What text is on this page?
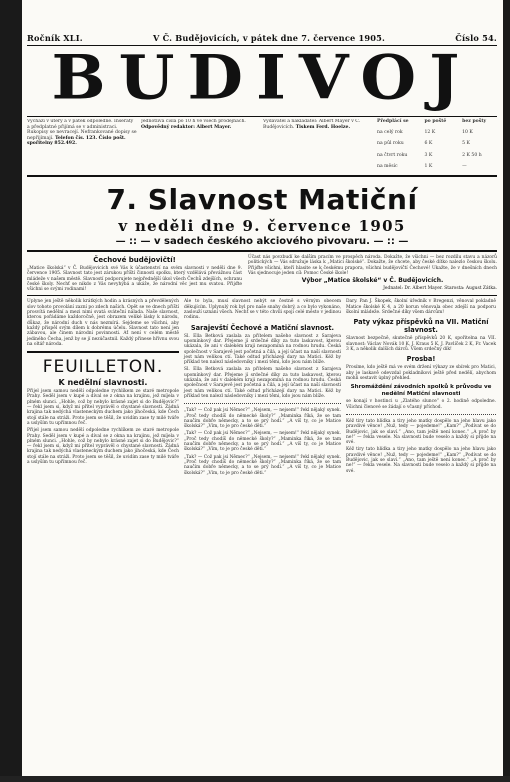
Ročník XLI.	V Č. Budějovicích, v pátek dne 7. července 1905.	Číslo 54.
BUDIVOJ
Vychází v úterý a v pátek odpoledne. Inseráty a předplatné přijímá se v administraci. Rukopisy se nevracejí. Nefrankované dopisy se nepřijímají. Telefon čís. 123. Číslo pošt. spořitelny 852.492.
Jednotlivá čísla po 10 h ve všech prodejnách. Odpovědný redaktor: Albert Mayer.
Vydavatel a nakladatel: Albert Mayer v Č. Budějovicích. Tiskem Ferd. Hoelze.
Předplácí se	po poště	bez pošty
na celý rok	12 K	10 K
na půl roku	6 K	5 K
na čtvrt roku	3 K	2 K 50 h
na měsíc	1 K	—
7. Slavnost Matiční
v neděli dne 9. července 1905
— :: — v sadech českého akciového pivovaru. — :: —
Čechové budějovičtí!
„Matice školská“ v Č. Budějovicích své Vás k účastenství na svém slavnosti v neděli dne 9. července 1905. Slavnost tato jest zárukou příští činnosti spolku, který vzdělává převážnou část mládeže v našem městě. Slavností podporujete nejpřednější úkol všech Čechů zdejších, ochranu české školy. Nechť se nikdo z Vás nevyhýbá a ukáže, že národní věc jest mu svatou. Přijďte všichni se svými rodinami!
Účast nás povzbudí ke dalším pracím ve prospěch národa. Dokažte, že všichni — bez rozdílu stavu a názorů politických — Vás sdružuje láska k „Matici školské“. Dokažte, že chcete, aby české dítko nalezlo českou školu. Přijďte všichni, kteří hlasite se k českému prapora, všichni budějovičtí Čechové! Ukažte, že v dnešních dnech Vás sjednocuje jeden cíl: Pomoc České škole!
Výbor „Matice školské“ v Č. Budějovicích.
Jednatel: Dr. Albert Mayer. Starosta: August Zátka.
Uplyne jen ještě několik krátkých hodin a krásných a převdělených slov tohoto provolání zazní po zdech našich. Opět se ve dnech příští prosvítá nedělní a mezi nimi svatá sváteční nálada. Naše slavnost, kterou pořádáme každoročně, jest obrazem veliké lásky k národu, důkaz, že národní duch v nás nezmírá. Sejdeme se všichni, aby každý přispěl svým dílem k dobrému účelu. Slavnost tato není jen zábavou, ale činem národní povinnosti. Ať není v celém městě jediného Čecha, jenž by se jí nezúčastnil. Každý přinese hřívnu svou na oltář národa.
FEUILLETON.
K nedělní slavnosti.
Přijel jsem samou nedělí odpoledne rychlíkem ze staré metropole Prahy. Seděl jsem v kupé a díval se z okna na krajinu, jež míjela v plném slunci. „Hohle, což by nebylo krásné zajet si do Budějovic?“ — řekl jsem si, když mi přítel vyprávěl o chystané slavnosti. Žádná krajina tak nedýchá vlasteneckým duchem jako jihočeská, kde Čech stojí stále na stráži. Proto jsem se těšil, že uvidím zase ty milé tváře a uslyším tu upřímnou řeč.
Přijel jsem samou nedělí odpoledne rychlíkem ze staré metropole Prahy. Seděl jsem v kupé a díval se z okna na krajinu, jež míjela v plném slunci. „Hohle, což by nebylo krásné zajet si do Budějovic?“ — řekl jsem si, když mi přítel vyprávěl o chystané slavnosti. Žádná krajina tak nedýchá vlasteneckým duchem jako jihočeská, kde Čech stojí stále na stráži. Proto jsem se těšil, že uvidím zase ty milé tváře a uslyším tu upřímnou řeč.
Ale to byla, musí slavnost nebýt se čestně s věrným obecem děkujícím. Uplynulý rok byl pro naše snahy dobrý, a co bylo vykonáno, zaslouží uznání všech. Nechť se v této chvíli spojí celé město v jedinou rodinu.
Sarajevští Čechové a Matiční slavnost.
Sl. Ella Betková zaslala za přítelem našeho slavnost z Sarajeva upomínkový dar. Přejeme jí srdečné díky za tuto laskavost, kterou ukázala, že ani v dalekém kraji nezapomíná na rodnou hrudu. Česká společnost v Sarajevě jest početná a čilá, a její účast na naší slavnosti jest nám velikou ctí. Také odtud přicházejí dary na Matici. Kéž by příklad ten nalezl následovníky i mezi těmi, kdo jsou nám blíže.
Sl. Ella Betková zaslala za přítelem našeho slavnost z Sarajeva upomínkový dar. Přejeme jí srdečné díky za tuto laskavost, kterou ukázala, že ani v dalekém kraji nezapomíná na rodnou hrudu. Česká společnost v Sarajevě jest početná a čilá, a její účast na naší slavnosti jest nám velikou ctí. Také odtud přicházejí dary na Matici. Kéž by příklad ten nalezl následovníky i mezi těmi, kdo jsou nám blíže.
„Tak? — Což pak jsi Němec?“ „Nejsem, — nejsem!“ řekl nějaký synek. „Proč tedy chodíš do německé školy?“ „Maminka říká, že se tam naučím dobře německy, a to se prý hodí.“ „A víš ty, co je Matice školská?“ „Vím, to je pro české děti.“
„Tak? — Což pak jsi Němec?“ „Nejsem, — nejsem!“ řekl nějaký synek. „Proč tedy chodíš do německé školy?“ „Maminka říká, že se tam naučím dobře německy, a to se prý hodí.“ „A víš ty, co je Matice školská?“ „Vím, to je pro české děti.“
„Tak? — Což pak jsi Němec?“ „Nejsem, — nejsem!“ řekl nějaký synek. „Proč tedy chodíš do německé školy?“ „Maminka říká, že se tam naučím dobře německy, a to se prý hodí.“ „A víš ty, co je Matice školská?“ „Vím, to je pro české děti.“
Dary. Pan J. Škopek, školní úředník v Bregenzi, věnoval pokladně Matice školské K 4, a 20 korun věnovala obec zdejší na podporu školní mládeže. Srdečné díky všem dárcům!
Paty výkaz příspěvků na VII. Matiční slavnost.
Slavnost bezpečně, skutečně příspěvků 20 K, spořitelna na VII. slavnost: Václav Novák 10 K, J. Kraus 5 K, J. Pavlíček 2 K, Fr. Vacek 3 K, a několik dalších dárců. Všem srdečný dík!
Prosba!
Prosíme, kdo ještě má ve svém držení výkazy ze sbírek pro Matici, aby je laskavě odevzdal pokladníkovi ještě před nedělí, abychom mohli sestavit úplný přehled.
Shromáždění závodních spolků k průvodu ve nedělní Matiční slavnosti
se konají v hostinci u „Zlatého slunce“ o 2. hodině odpoledne. Všichni členové se žádají o včasný příchod.
Kéž tiry tato hlídka a tiry jeho matky dospělo na jeho hlavu jako pravdivé věnce! „Nuž, tedy — pojedeme!“ „Kam?“ „Podívat se do Budějovic, jak se slaví.“ „Ano, tam ještě není konec.“ „A proč by ne!“ — řekla vesele. Na slavnosti bude veselo a každý si přijde na své.
Kéž tiry tato hlídka a tiry jeho matky dospělo na jeho hlavu jako pravdivé věnce! „Nuž, tedy — pojedeme!“ „Kam?“ „Podívat se do Budějovic, jak se slaví.“ „Ano, tam ještě není konec.“ „A proč by ne!“ — řekla vesele. Na slavnosti bude veselo a každý si přijde na své.
